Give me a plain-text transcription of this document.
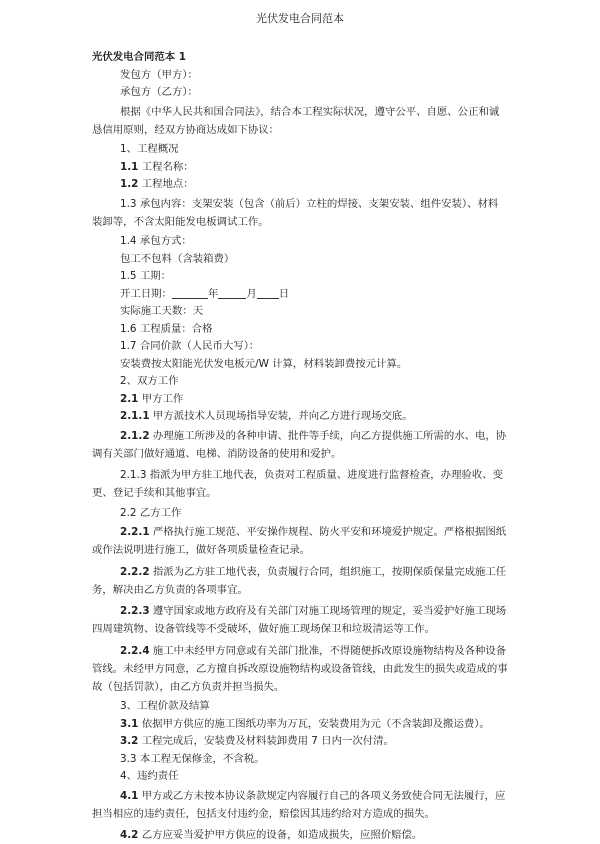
光伏发电合同范本
光伏发电合同范本 1
发包方（甲方）：
承包方（乙方）：
根据《中华人民共和国合同法》，结合本工程实际状况，遵守公平、自愿、公正和诚恳信用原则，经双方协商达成如下协议：
1、工程概况
1.1 工程名称：
1.2 工程地点：
1.3 承包内容：支架安装（包含（前后）立柱的焊接、支架安装、组件安装）、材料装卸等，不含太阳能发电板调试工作。
1.4 承包方式：
包工不包料（含装箱费）
1.5 工期：
开工日期：	年	月 日
实际施工天数：天
1.6 工程质量：合格
1.7 合同价款（人民币大写）：
安装费按太阳能光伏发电板元/W 计算，材料装卸费按元计算。
2、双方工作
2.1 甲方工作
2.1.1 甲方派技术人员现场指导安装，并向乙方进行现场交底。
2.1.2 办理施工所涉及的各种申请、批件等手续，向乙方提供施工所需的水、电，协调有关部门做好通道、电梯、消防设备的使用和爱护。
2.1.3 指派为甲方驻工地代表，负责对工程质量、进度进行监督检查，办理验收、变更、登记手续和其他事宜。
2.2 乙方工作
2.2.1 严格执行施工规范、平安操作规程、防火平安和环境爱护规定。严格根据图纸或作法说明进行施工，做好各项质量检查记录。
2.2.2 指派为乙方驻工地代表，负责履行合同，组织施工，按期保质保量完成施工任务，解决由乙方负责的各项事宜。
2.2.3 遵守国家或地方政府及有关部门对施工现场管理的规定，妥当爱护好施工现场四周建筑物、设备管线等不受破坏，做好施工现场保卫和垃圾清运等工作。
2.2.4 施工中未经甲方同意或有关部门批准，不得随便拆改原设施物结构及各种设备管线。未经甲方同意，乙方擅自拆改原设施物结构或设备管线，由此发生的损失或造成的事故（包括罚款），由乙方负责并担当损失。
3、工程价款及结算
3.1 依据甲方供应的施工图纸功率为万瓦，安装费用为元（不含装卸及搬运费）。
3.2 工程完成后，安装费及材料装卸费用 7 日内一次付清。
3.3 本工程无保修金，不含税。
4、违约责任
4.1 甲方或乙方未按本协议条款规定内容履行自己的各项义务致使合同无法履行，应担当相应的违约责任，包括支付违约金，赔偿因其违约给对方造成的损失。
4.2 乙方应妥当爱护甲方供应的设备，如造成损失，应照价赔偿。
